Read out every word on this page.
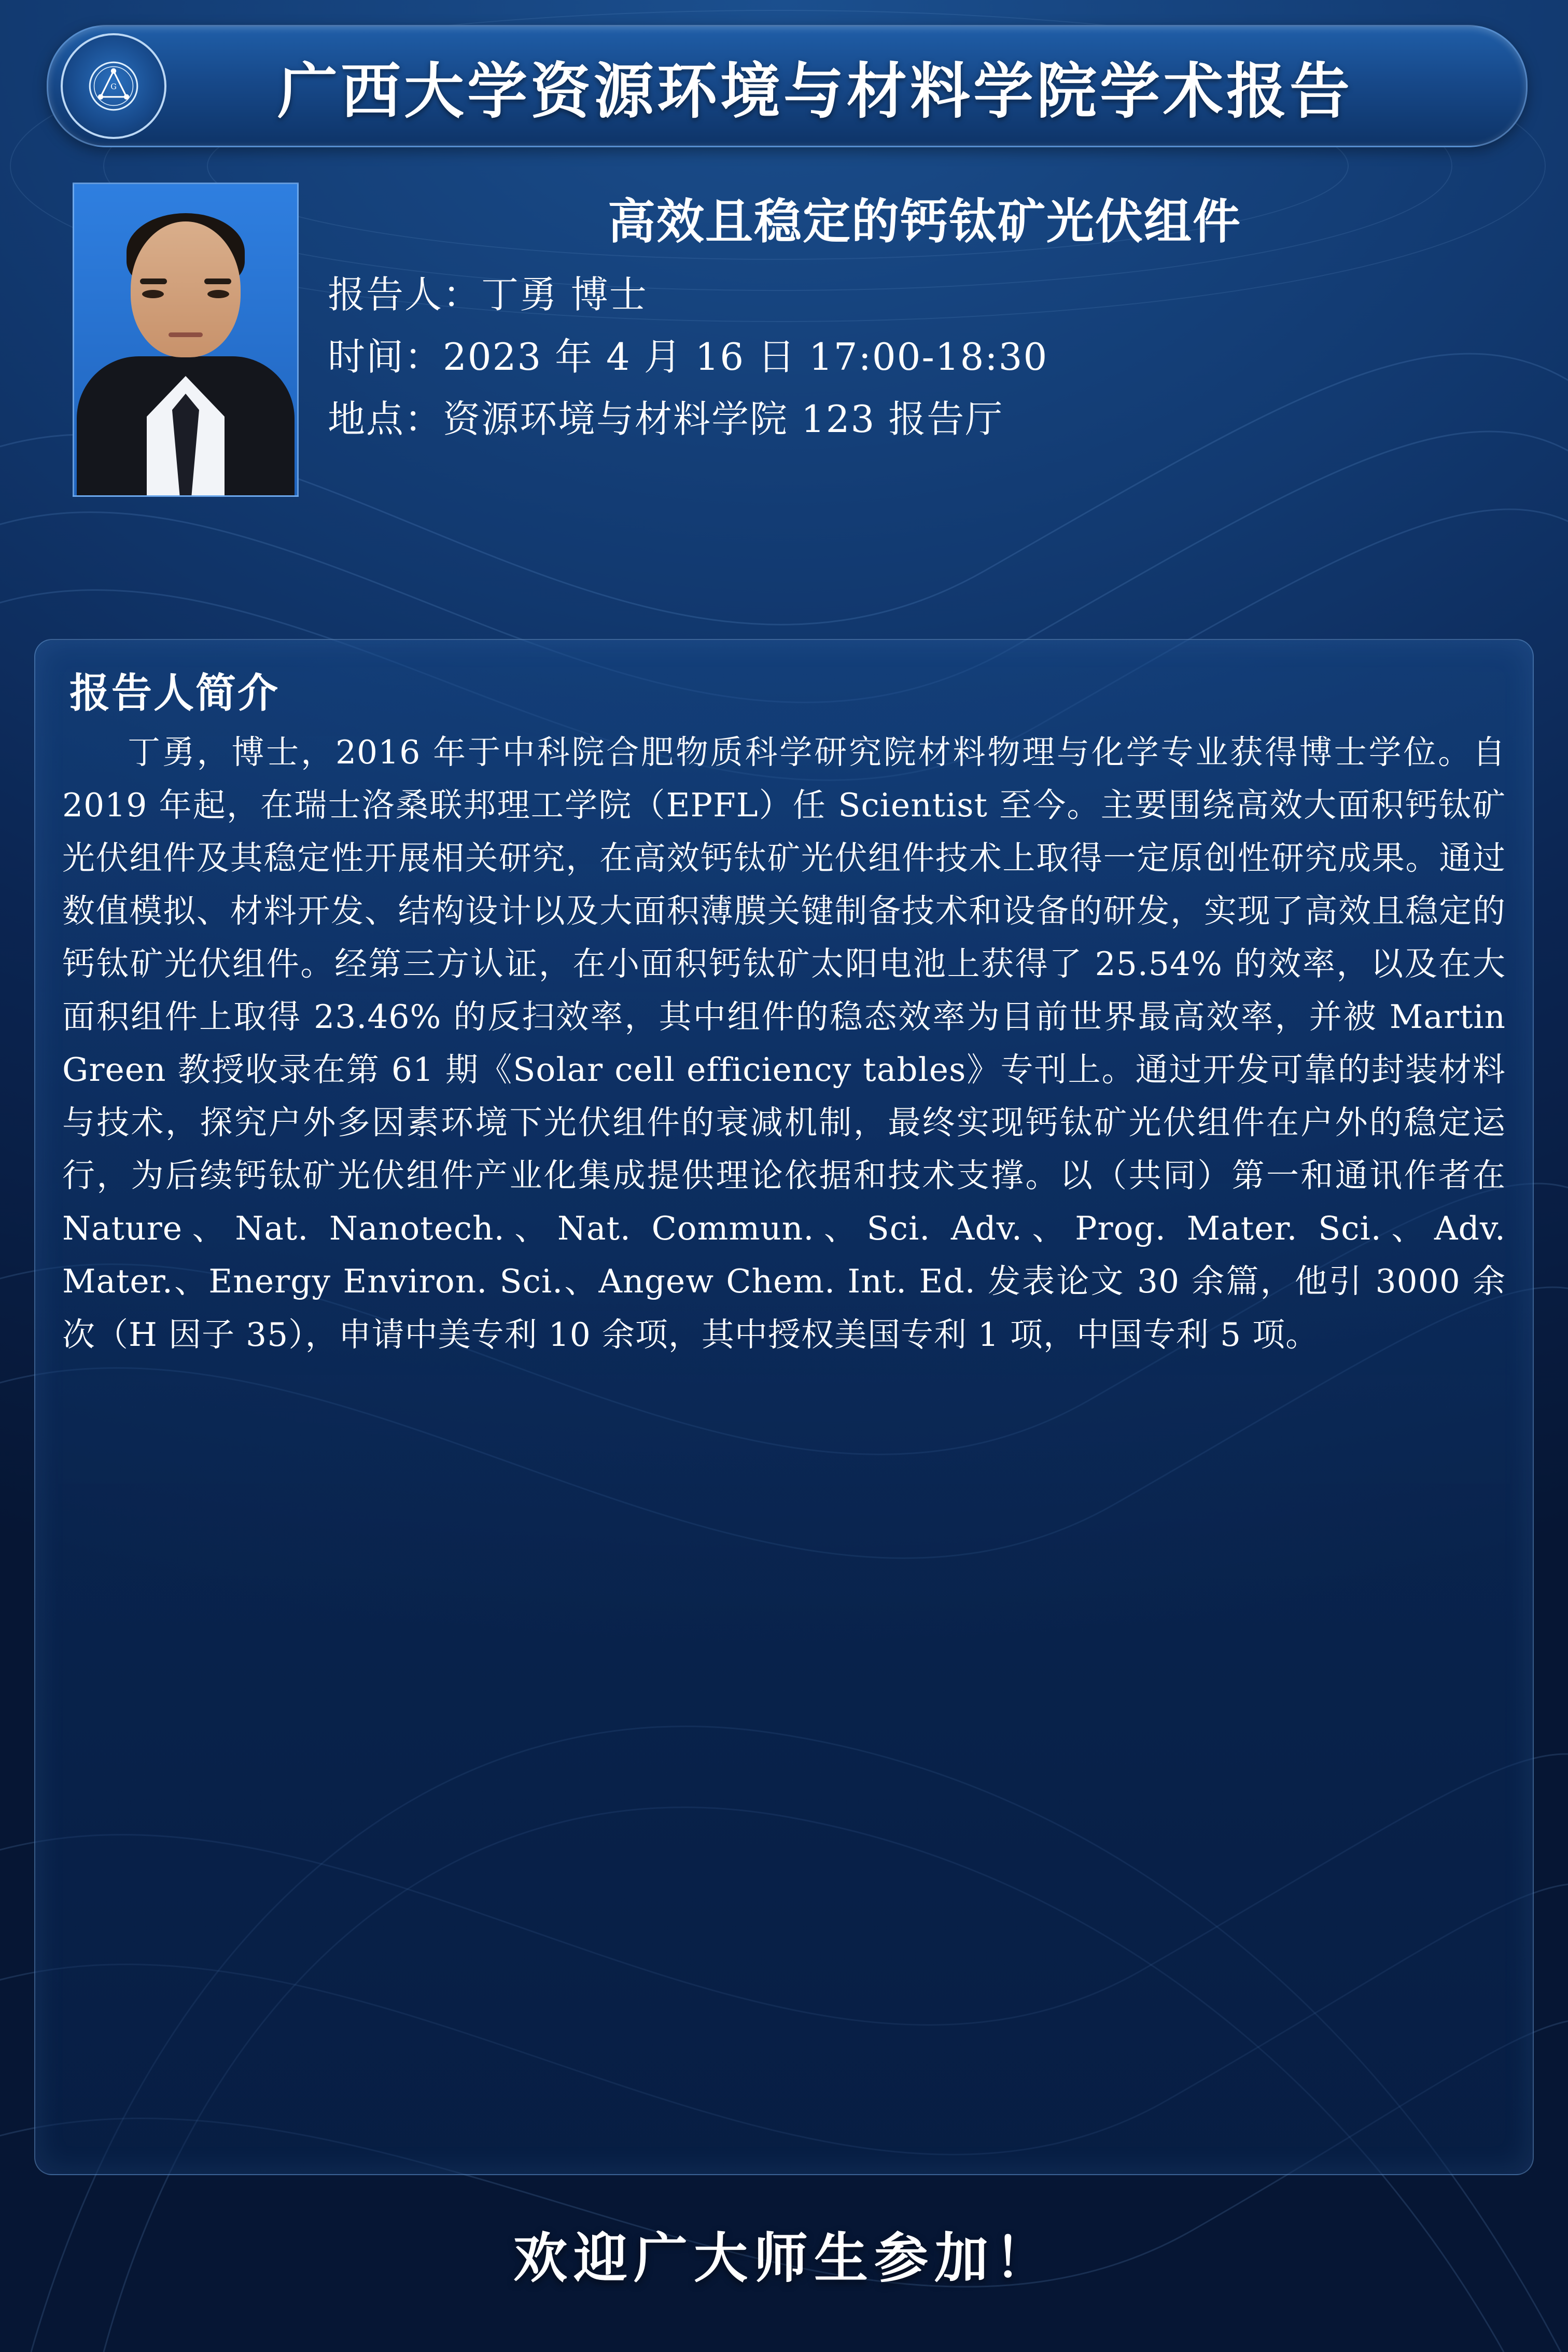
G	广西大学资源环境与材料学院学术报告
高效且稳定的钙钛矿光伏组件
报告人：丁勇 博士
时间：2023 年 4 月 16 日 17:00-18:30
地点：资源环境与材料学院 123 报告厅
报告人简介

丁勇，博士，2016 年于中科院合肥物质科学研究院材料物理与化学专业获得博士学位。自 2019 年起，在瑞士洛桑联邦理工学院（EPFL）任 Scientist 至今。主要围绕高效大面积钙钛矿光伏组件及其稳定性开展相关研究，在高效钙钛矿光伏组件技术上取得一定原创性研究成果。通过数值模拟、材料开发、结构设计以及大面积薄膜关键制备技术和设备的研发，实现了高效且稳定的钙钛矿光伏组件。经第三方认证，在小面积钙钛矿太阳电池上获得了 25.54% 的效率，以及在大面积组件上取得 23.46% 的反扫效率，其中组件的稳态效率为目前世界最高效率，并被 Martin Green 教授收录在第 61 期《Solar cell efficiency tables》专刊上。通过开发可靠的封装材料与技术，探究户外多因素环境下光伏组件的衰减机制，最终实现钙钛矿光伏组件在户外的稳定运行，为后续钙钛矿光伏组件产业化集成提供理论依据和技术支撑。以（共同）第一和通讯作者在 Nature、Nat. Nanotech.、Nat. Commun.、Sci. Adv.、Prog. Mater. Sci.、Adv. Mater.、Energy Environ. Sci.、Angew Chem. Int. Ed. 发表论文 30 余篇，他引 3000 余次（H 因子 35），申请中美专利 10 余项，其中授权美国专利 1 项，中国专利 5 项。

欢迎广大师生参加！
